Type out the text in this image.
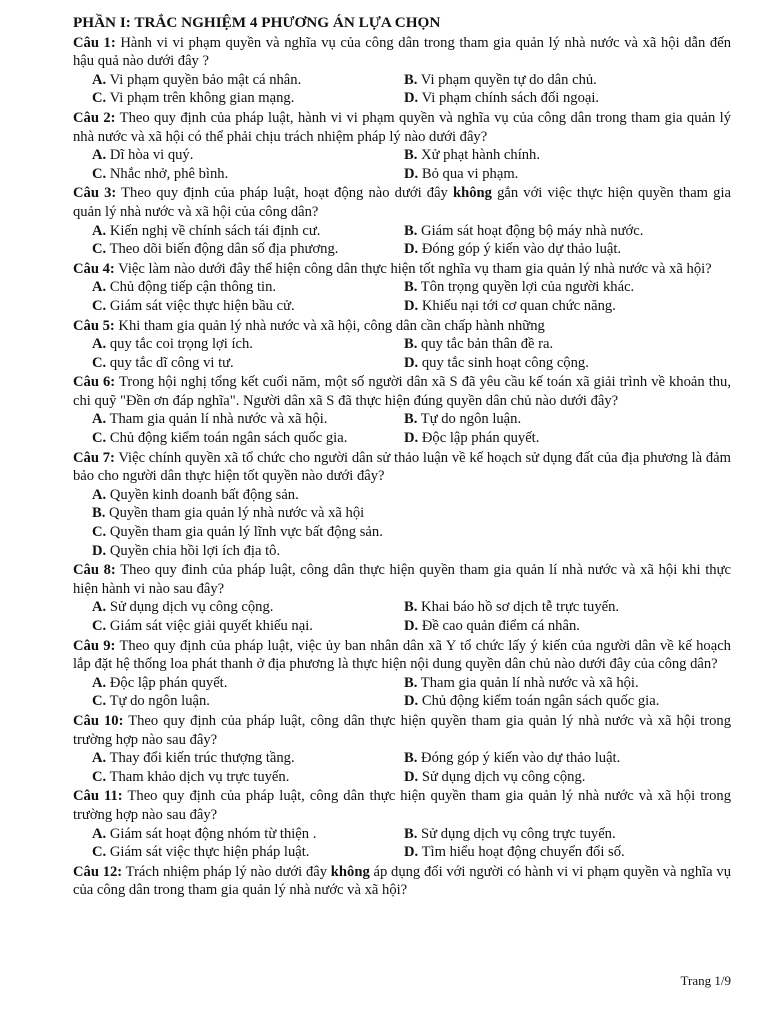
PHẦN I: TRẮC NGHIỆM 4 PHƯƠNG ÁN LỰA CHỌN
Câu 1: Hành vi vi phạm quyền và nghĩa vụ của công dân trong tham gia quản lý nhà nước và xã hội dẫn đến hậu quả nào dưới đây ?
A. Vi phạm quyền bảo mật cá nhân.	B. Vi phạm quyền tự do dân chủ.
C. Vi phạm trên không gian mạng.	D. Vi phạm chính sách đối ngoại.
Câu 2: Theo quy định của pháp luật, hành vi vi phạm quyền và nghĩa vụ của công dân trong tham gia quản lý nhà nước và xã hội có thể phải chịu trách nhiệm pháp lý nào dưới đây?
A. Dĩ hòa vi quý.	B. Xử phạt hành chính.
C. Nhắc nhở, phê bình.	D. Bỏ qua vi phạm.
Câu 3: Theo quy định của pháp luật, hoạt động nào dưới đây không gắn với việc thực hiện quyền tham gia quản lý nhà nước và xã hội của công dân?
A. Kiến nghị về chính sách tái định cư.	B. Giám sát hoạt động bộ máy nhà nước.
C. Theo dõi biến động dân số địa phương.	D. Đóng góp ý kiến vào dự thảo luật.
Câu 4: Việc làm nào dưới đây thể hiện công dân thực hiện tốt nghĩa vụ tham gia quản lý nhà nước và xã hội?
A. Chủ động tiếp cận thông tin.	B. Tôn trọng quyền lợi của người khác.
C. Giám sát việc thực hiện bầu cử.	D. Khiếu nại tới cơ quan chức năng.
Câu 5: Khi tham gia quản lý nhà nước và xã hội, công dân cần chấp hành những
A. quy tắc coi trọng lợi ích.	B. quy tắc bản thân đề ra.
C. quy tắc dĩ công vi tư.	D. quy tắc sinh hoạt công cộng.
Câu 6: Trong hội nghị tổng kết cuối năm, một số người dân xã S đã yêu cầu kế toán xã giải trình về khoản thu, chi quỹ "Đền ơn đáp nghĩa". Người dân xã S đã thực hiện đúng quyền dân chủ nào dưới đây?
A. Tham gia quản lí nhà nước và xã hội.	B. Tự do ngôn luận.
C. Chủ động kiểm toán ngân sách quốc gia.	D. Độc lập phán quyết.
Câu 7: Việc chính quyền xã tổ chức cho người dân sử thảo luận về kế hoạch sử dụng đất của địa phương là đảm bảo cho người dân thực hiện tốt quyền nào dưới đây?
A. Quyền kinh doanh bất động sản.
B. Quyền tham gia quản lý nhà nước và xã hội
C. Quyền tham gia quản lý lĩnh vực bất động sản.
D. Quyền chia hồi lợi ích địa tô.
Câu 8: Theo quy đinh của pháp luật, công dân thực hiện quyền tham gia quản lí nhà nước và xã hội khi thực hiện hành vi nào sau đây?
A. Sử dụng dịch vụ công cộng.	B. Khai báo hồ sơ dịch tễ trực tuyến.
C. Giám sát việc giải quyết khiếu nại.	D. Đề cao quản điểm cá nhân.
Câu 9: Theo quy định của pháp luật, việc ủy ban nhân dân xã Y tổ chức lấy ý kiến của người dân về kế hoạch lắp đặt hệ thống loa phát thanh ở địa phương là thực hiện nội dung quyền dân chủ nào dưới đây của công dân?
A. Độc lập phán quyết.	B. Tham gia quản lí nhà nước và xã hội.
C. Tự do ngôn luận.	D. Chủ động kiểm toán ngân sách quốc gia.
Câu 10: Theo quy định của pháp luật, công dân thực hiện quyền tham gia quản lý nhà nước và xã hội trong trường hợp nào sau đây?
A. Thay đổi kiến trúc thượng tầng.	B. Đóng góp ý kiến vào dự thảo luật.
C. Tham khảo dịch vụ trực tuyến.	D. Sử dụng dịch vụ công cộng.
Câu 11: Theo quy định của pháp luật, công dân thực hiện quyền tham gia quản lý nhà nước và xã hội trong trường hợp nào sau đây?
A. Giám sát hoạt động nhóm từ thiện .	B. Sử dụng dịch vụ công trực tuyến.
C. Giám sát việc thực hiện pháp luật.	D. Tìm hiểu hoạt động chuyển đổi số.
Câu 12: Trách nhiệm pháp lý nào dưới đây không áp dụng đối với người có hành vi vi phạm quyền và nghĩa vụ của công dân trong tham gia quản lý nhà nước và xã hội?
Trang 1/9
